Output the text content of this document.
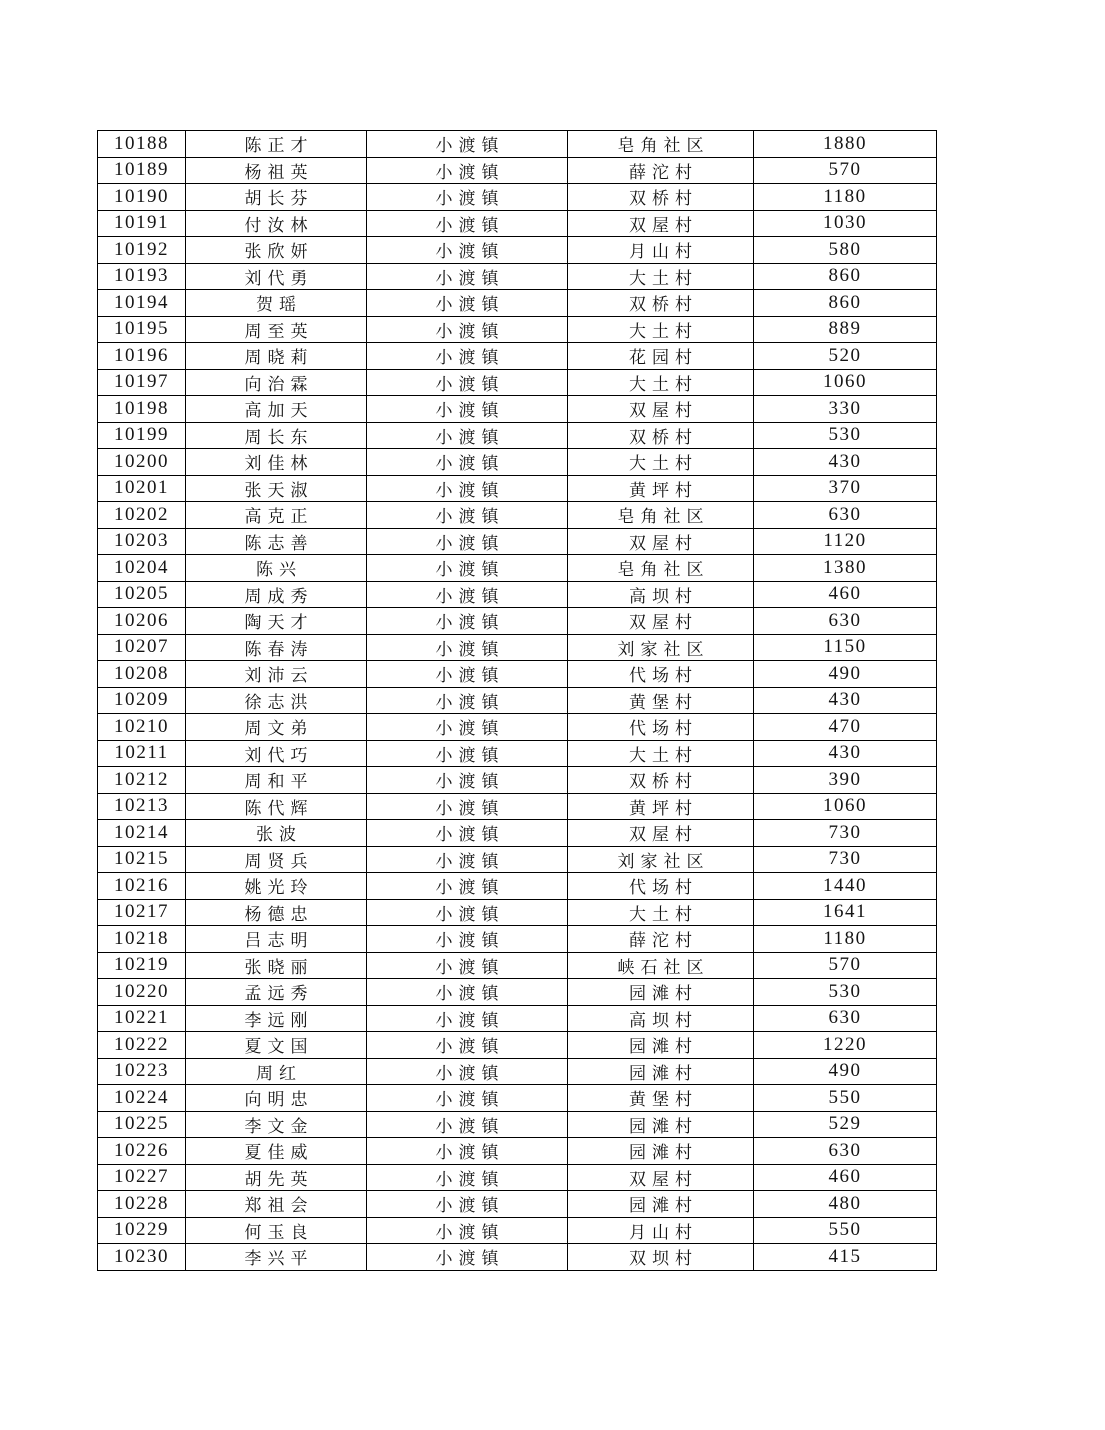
10188	陈正才	小渡镇	皂角社区	1880
10189	杨祖英	小渡镇	薛沱村	570
10190	胡长芬	小渡镇	双桥村	1180
10191	付汝林	小渡镇	双屋村	1030
10192	张欣妍	小渡镇	月山村	580
10193	刘代勇	小渡镇	大土村	860
10194	贺瑶	小渡镇	双桥村	860
10195	周至英	小渡镇	大土村	889
10196	周晓莉	小渡镇	花园村	520
10197	向治霖	小渡镇	大土村	1060
10198	高加天	小渡镇	双屋村	330
10199	周长东	小渡镇	双桥村	530
10200	刘佳林	小渡镇	大土村	430
10201	张天淑	小渡镇	黄坪村	370
10202	高克正	小渡镇	皂角社区	630
10203	陈志善	小渡镇	双屋村	1120
10204	陈兴	小渡镇	皂角社区	1380
10205	周成秀	小渡镇	高坝村	460
10206	陶天才	小渡镇	双屋村	630
10207	陈春涛	小渡镇	刘家社区	1150
10208	刘沛云	小渡镇	代场村	490
10209	徐志洪	小渡镇	黄堡村	430
10210	周文弟	小渡镇	代场村	470
10211	刘代巧	小渡镇	大土村	430
10212	周和平	小渡镇	双桥村	390
10213	陈代辉	小渡镇	黄坪村	1060
10214	张波	小渡镇	双屋村	730
10215	周贤兵	小渡镇	刘家社区	730
10216	姚光玲	小渡镇	代场村	1440
10217	杨德忠	小渡镇	大土村	1641
10218	吕志明	小渡镇	薛沱村	1180
10219	张晓丽	小渡镇	峡石社区	570
10220	孟远秀	小渡镇	园滩村	530
10221	李远刚	小渡镇	高坝村	630
10222	夏文国	小渡镇	园滩村	1220
10223	周红	小渡镇	园滩村	490
10224	向明忠	小渡镇	黄堡村	550
10225	李文金	小渡镇	园滩村	529
10226	夏佳威	小渡镇	园滩村	630
10227	胡先英	小渡镇	双屋村	460
10228	郑祖会	小渡镇	园滩村	480
10229	何玉良	小渡镇	月山村	550
10230	李兴平	小渡镇	双坝村	415
